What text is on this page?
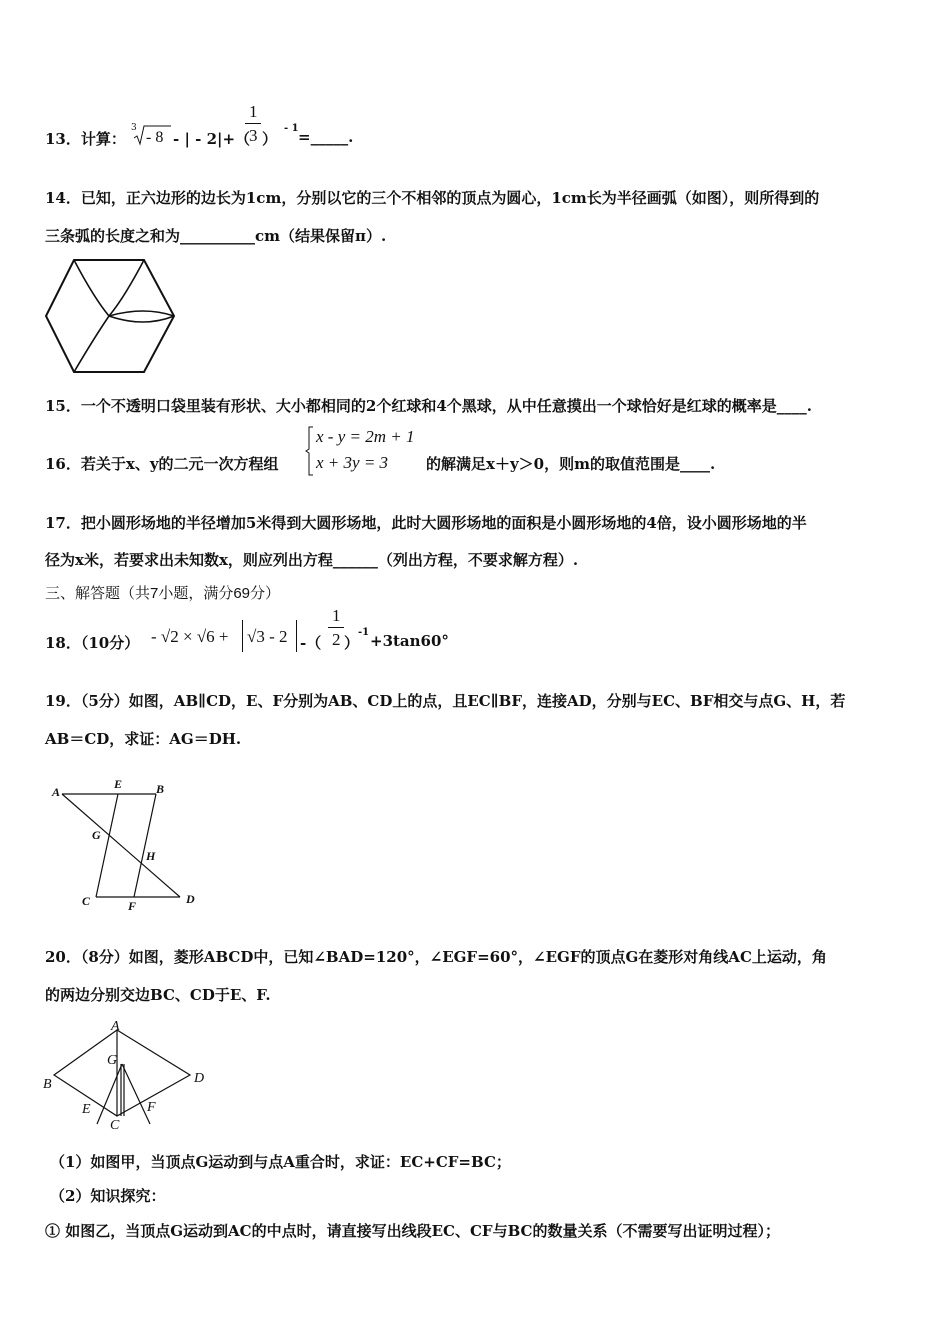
13．计算：
3
- 8 - | - 2|+（
1
3 ）
- 1 =_____.
14．已知，正六边形的边长为1cm，分别以它的三个不相邻的顶点为圆心，1cm长为半径画弧（如图），则所得到的
三条弧的长度之和为__________cm（结果保留π）.
15．一个不透明口袋里装有形状、大小都相同的2个红球和4个黑球，从中任意摸出一个球恰好是红球的概率是____.
16．若关于x、y的二元一次方程组
x - y = 2m + 1
x + 3y = 3	的解满足x＋y＞0，则m的取值范围是____.
17．把小圆形场地的半径增加5米得到大圆形场地，此时大圆形场地的面积是小圆形场地的4倍，设小圆形场地的半
径为x米，若要求出未知数x，则应列出方程______（列出方程，不要求解方程）.
三、解答题（共7小题，满分69分）
18．（10分） - √2 × √6 + √3 - 2 -（
1
2 ）
-1 +3tan60°
19．（5分）如图，AB∥CD，E、F分别为AB、CD上的点，且EC∥BF，连接AD，分别与EC、BF相交与点G、H，若
AB＝CD，求证：AG＝DH.
A
E	B
G
H
C	F	D
20．（8分）如图，菱形ABCD中，已知∠BAD=120°，∠EGF=60°，∠EGF的顶点G在菱形对角线AC上运动，角
的两边分别交边BC、CD于E、F.
A
G
B	D
E	F
C
（1）如图甲，当顶点G运动到与点A重合时，求证：EC+CF=BC；
（2）知识探究：
① 如图乙，当顶点G运动到AC的中点时，请直接写出线段EC、CF与BC的数量关系（不需要写出证明过程）；
